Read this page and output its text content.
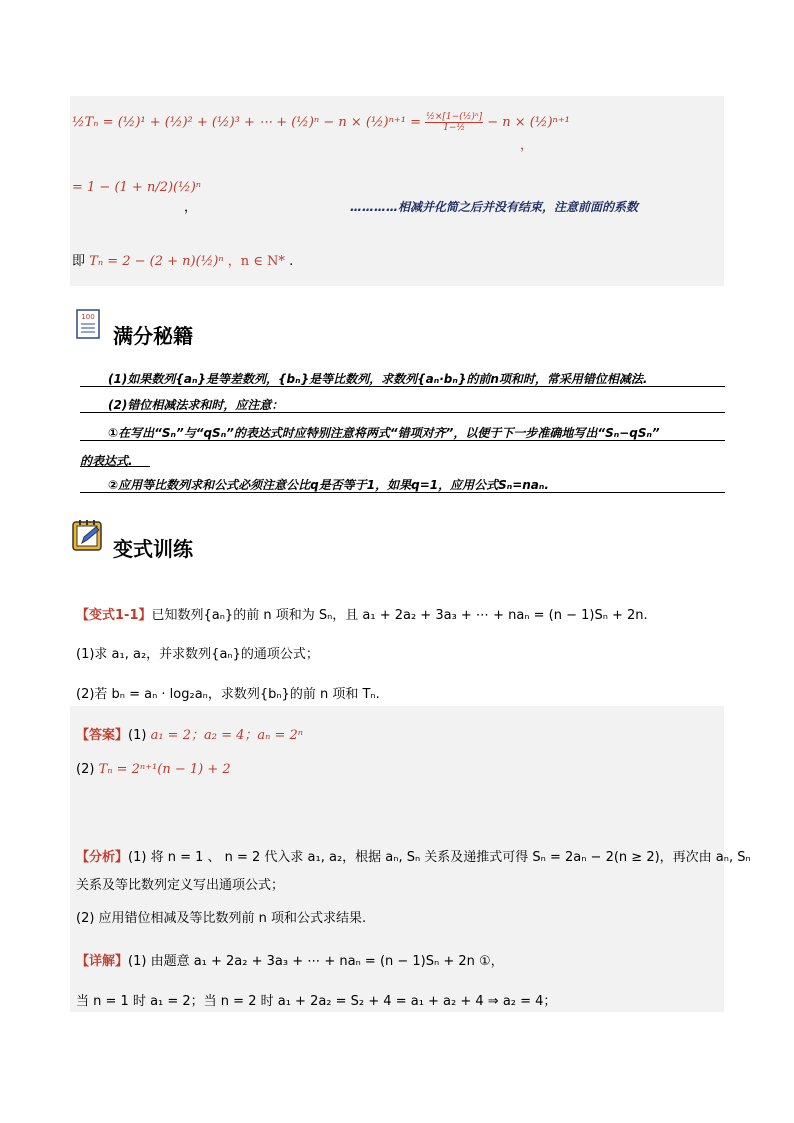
½Tₙ = (½)¹ + (½)² + (½)³ + ⋯ + (½)ⁿ − n × (½)ⁿ⁺¹ = $\frac{\text{½×[1−(½)ⁿ]}}{\text{1−½}} - n$ × (½)ⁿ⁺¹
，
= 1 − (1 + n/2)(½)ⁿ
，	…………相减并化简之后并没有结束，注意前面的系数
即 Tₙ = 2 − (2 + n)(½)ⁿ ，n ∈ N* .
100
满分秘籍
(1)如果数列{aₙ}是等差数列，{bₙ}是等比数列，求数列{aₙ·bₙ}的前n项和时，常采用错位相减法.
(2)错位相减法求和时，应注意：
①在写出“Sₙ”与“qSₙ”的表达式时应特别注意将两式“错项对齐”，以便于下一步准确地写出“Sₙ−qSₙ”
的表达式.
②应用等比数列求和公式必须注意公比q是否等于1，如果q=1，应用公式Sₙ=naₙ.
变式训练
【变式1-1】已知数列{aₙ}的前 n 项和为 Sₙ，且 a₁ + 2a₂ + 3a₃ + ⋯ + naₙ = (n − 1)Sₙ + 2n.
(1)求 a₁, a₂，并求数列{aₙ}的通项公式；
(2)若 bₙ = aₙ · log₂aₙ，求数列{bₙ}的前 n 项和 Tₙ.
【答案】(1) a₁ = 2；a₂ = 4；aₙ = 2ⁿ
(2) Tₙ = 2ⁿ⁺¹(n − 1) + 2
【分析】(1) 将 n = 1 、 n = 2 代入求 a₁, a₂，根据 aₙ, Sₙ 关系及递推式可得 Sₙ = 2aₙ − 2(n ≥ 2)，再次由 aₙ, Sₙ
关系及等比数列定义写出通项公式；
(2) 应用错位相减及等比数列前 n 项和公式求结果.
【详解】(1) 由题意 a₁ + 2a₂ + 3a₃ + ⋯ + naₙ = (n − 1)Sₙ + 2n ①，
当 n = 1 时 a₁ = 2；当 n = 2 时 a₁ + 2a₂ = S₂ + 4 = a₁ + a₂ + 4 ⇒ a₂ = 4；
